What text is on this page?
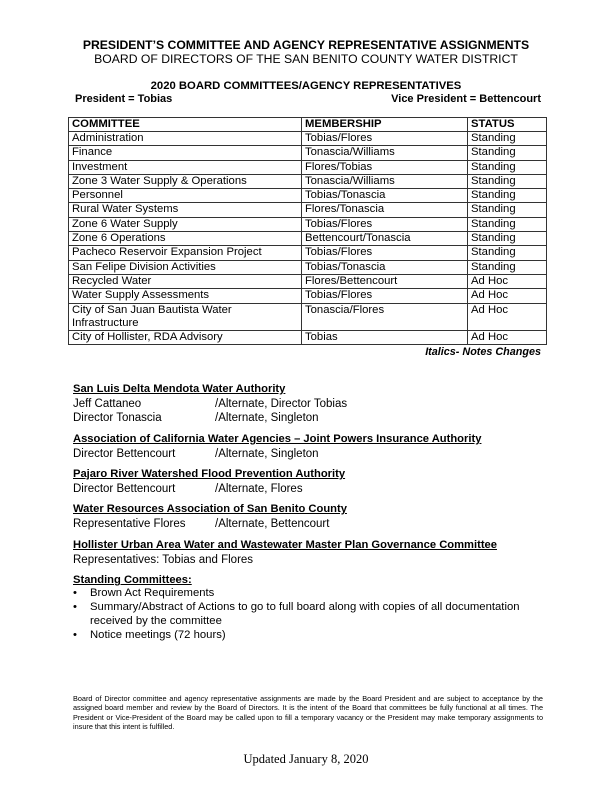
PRESIDENT’S COMMITTEE AND AGENCY REPRESENTATIVE ASSIGNMENTS
BOARD OF DIRECTORS OF THE SAN BENITO COUNTY WATER DISTRICT
2020 BOARD COMMITTEES/AGENCY REPRESENTATIVES
President = Tobias	Vice President = Bettencourt
COMMITTEE	MEMBERSHIP	STATUS
Administration	Tobias/Flores	Standing
Finance	Tonascia/Williams	Standing
Investment	Flores/Tobias	Standing
Zone 3 Water Supply & Operations	Tonascia/Williams	Standing
Personnel	Tobias/Tonascia	Standing
Rural Water Systems	Flores/Tonascia	Standing
Zone 6 Water Supply	Tobias/Flores	Standing
Zone 6 Operations	Bettencourt/Tonascia	Standing
Pacheco Reservoir Expansion Project	Tobias/Flores	Standing
San Felipe Division Activities	Tobias/Tonascia	Standing
Recycled Water	Flores/Bettencourt	Ad Hoc
Water Supply Assessments	Tobias/Flores	Ad Hoc
City of San Juan Bautista Water Infrastructure	Tonascia/Flores	Ad Hoc
City of Hollister, RDA Advisory	Tobias	Ad Hoc
Italics- Notes Changes
San Luis Delta Mendota Water Authority
Jeff Cattaneo	/Alternate, Director Tobias
Director Tonascia	/Alternate, Singleton
Association of California Water Agencies – Joint Powers Insurance Authority
Director Bettencourt	/Alternate, Singleton
Pajaro River Watershed Flood Prevention Authority
Director Bettencourt	/Alternate, Flores
Water Resources Association of San Benito County
Representative Flores	/Alternate, Bettencourt
Hollister Urban Area Water and Wastewater Master Plan Governance Committee
Representatives: Tobias and Flores
Standing Committees:
• Brown Act Requirements
• Summary/Abstract of Actions to go to full board along with copies of all documentation received by the committee
• Notice meetings (72 hours)
Board of Director committee and agency representative assignments are made by the Board President and are subject to acceptance by the assigned board member and review by the Board of Directors. It is the intent of the Board that committees be fully functional at all times. The President or Vice-President of the Board may be called upon to fill a temporary vacancy or the President may make temporary assignments to insure that this intent is fulfilled.
Updated January 8, 2020
